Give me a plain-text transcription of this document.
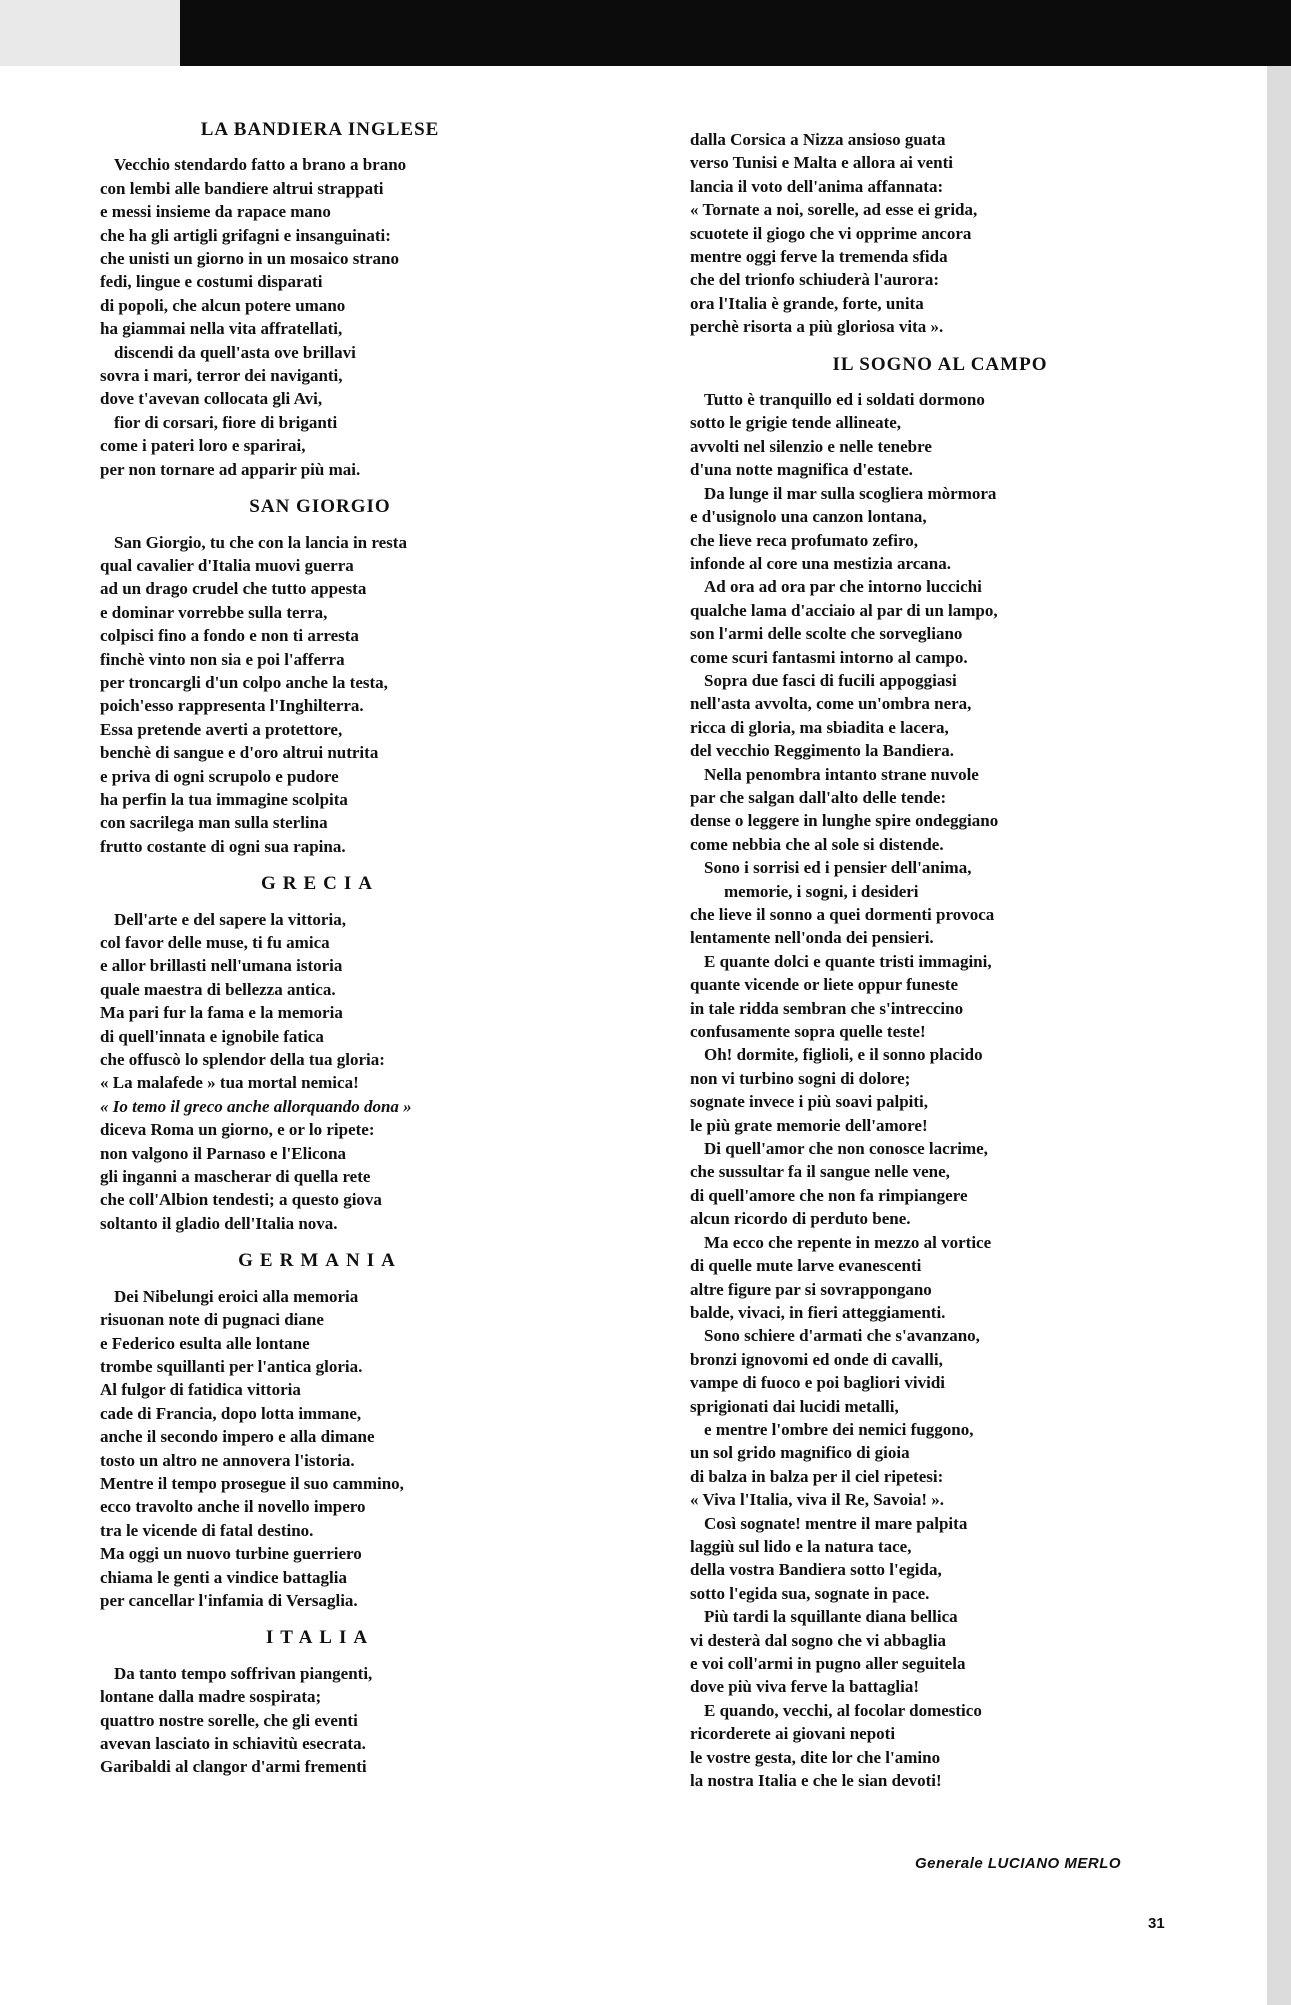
LA BANDIERA INGLESE
Vecchio stendardo fatto a brano a brano
con lembi alle bandiere altrui strappati
e messi insieme da rapace mano
che ha gli artigli grifagni e insanguinati:
che unisti un giorno in un mosaico strano
fedi, lingue e costumi disparati
di popoli, che alcun potere umano
ha giammai nella vita affratellati,
discendi da quell'asta ove brillavi
sovra i mari, terror dei naviganti,
dove t'avevan collocata gli Avi,
fior di corsari, fiore di briganti
come i pateri loro e sparirai,
per non tornare ad apparir più mai.
SAN GIORGIO
San Giorgio, tu che con la lancia in resta
qual cavalier d'Italia muovi guerra
ad un drago crudel che tutto appesta
e dominar vorrebbe sulla terra,
colpisci fino a fondo e non ti arresta
finchè vinto non sia e poi l'afferra
per troncargli d'un colpo anche la testa,
poich'esso rappresenta l'Inghilterra.
Essa pretende averti a protettore,
benchè di sangue e d'oro altrui nutrita
e priva di ogni scrupolo e pudore
ha perfin la tua immagine scolpita
con sacrilega man sulla sterlina
frutto costante di ogni sua rapina.
GRECIA
Dell'arte e del sapere la vittoria,
col favor delle muse, ti fu amica
e allor brillasti nell'umana istoria
quale maestra di bellezza antica.
Ma pari fur la fama e la memoria
di quell'innata e ignobile fatica
che offuscò lo splendor della tua gloria:
« La malafede » tua mortal nemica!
« Io temo il greco anche allorquando dona »
diceva Roma un giorno, e or lo ripete:
non valgono il Parnaso e l'Elicona
gli inganni a mascherar di quella rete
che coll'Albion tendesti; a questo giova
soltanto il gladio dell'Italia nova.
GERMANIA
Dei Nibelungi eroici alla memoria
risuonan note di pugnaci diane
e Federico esulta alle lontane
trombe squillanti per l'antica gloria.
Al fulgor di fatidica vittoria
cade di Francia, dopo lotta immane,
anche il secondo impero e alla dimane
tosto un altro ne annovera l'istoria.
Mentre il tempo prosegue il suo cammino,
ecco travolto anche il novello impero
tra le vicende di fatal destino.
Ma oggi un nuovo turbine guerriero
chiama le genti a vindice battaglia
per cancellar l'infamia di Versaglia.
ITALIA
Da tanto tempo soffrivan piangenti,
lontane dalla madre sospirata;
quattro nostre sorelle, che gli eventi
avevan lasciato in schiavitù esecrata.
Garibaldi al clangor d'armi frementi
dalla Corsica a Nizza ansioso guata
verso Tunisi e Malta e allora ai venti
lancia il voto dell'anima affannata:
« Tornate a noi, sorelle, ad esse ei grida,
scuotete il giogo che vi opprime ancora
mentre oggi ferve la tremenda sfida
che del trionfo schiuderà l'aurora:
ora l'Italia è grande, forte, unita
perchè risorta a più gloriosa vita ».
IL SOGNO AL CAMPO
Tutto è tranquillo ed i soldati dormono
sotto le grigie tende allineate,
avvolti nel silenzio e nelle tenebre
d'una notte magnifica d'estate.
Da lunge il mar sulla scogliera mòrmora
e d'usignolo una canzon lontana,
che lieve reca profumato zefiro,
infonde al core una mestizia arcana.
Ad ora ad ora par che intorno luccichi
qualche lama d'acciaio al par di un lampo,
son l'armi delle scolte che sorvegliano
come scuri fantasmi intorno al campo.
Sopra due fasci di fucili appoggiasi
nell'asta avvolta, come un'ombra nera,
ricca di gloria, ma sbiadita e lacera,
del vecchio Reggimento la Bandiera.
Nella penombra intanto strane nuvole
par che salgan dall'alto delle tende:
dense o leggere in lunghe spire ondeggiano
come nebbia che al sole si distende.
Sono i sorrisi ed i pensier dell'anima,
memorie, i sogni, i desideri
che lieve il sonno a quei dormenti provoca
lentamente nell'onda dei pensieri.
E quante dolci e quante tristi immagini,
quante vicende or liete oppur funeste
in tale ridda sembran che s'intreccino
confusamente sopra quelle teste!
Oh! dormite, figlioli, e il sonno placido
non vi turbino sogni di dolore;
sognate invece i più soavi palpiti,
le più grate memorie dell'amore!
Di quell'amor che non conosce lacrime,
che sussultar fa il sangue nelle vene,
di quell'amore che non fa rimpiangere
alcun ricordo di perduto bene.
Ma ecco che repente in mezzo al vortice
di quelle mute larve evanescenti
altre figure par si sovrappongano
balde, vivaci, in fieri atteggiamenti.
Sono schiere d'armati che s'avanzano,
bronzi ignovomi ed onde di cavalli,
vampe di fuoco e poi bagliori vividi
sprigionati dai lucidi metalli,
e mentre l'ombre dei nemici fuggono,
un sol grido magnifico di gioia
di balza in balza per il ciel ripetesi:
« Viva l'Italia, viva il Re, Savoia! ».
Così sognate! mentre il mare palpita
laggiù sul lido e la natura tace,
della vostra Bandiera sotto l'egida,
sotto l'egida sua, sognate in pace.
Più tardi la squillante diana bellica
vi desterà dal sogno che vi abbaglia
e voi coll'armi in pugno aller seguitela
dove più viva ferve la battaglia!
E quando, vecchi, al focolar domestico
ricorderete ai giovani nepoti
le vostre gesta, dite lor che l'amino
la nostra Italia e che le sian devoti!
Generale LUCIANO MERLO
31
